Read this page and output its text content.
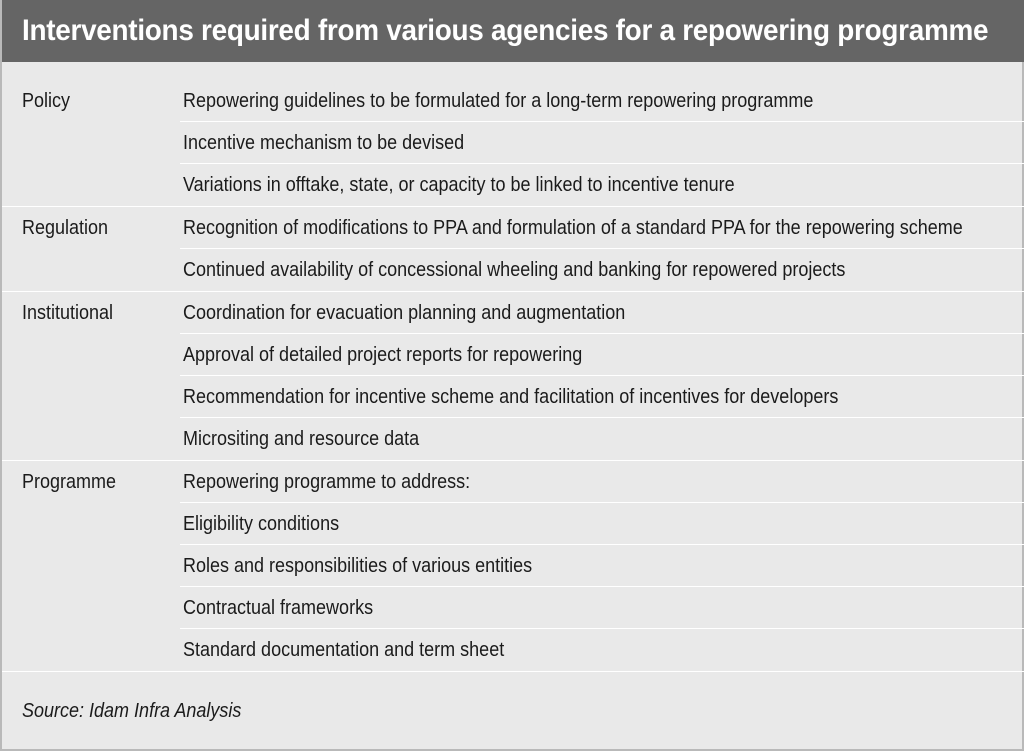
Interventions required from various agencies for a repowering programme
Policy	Repowering guidelines to be formulated for a long-term repowering programme
Incentive mechanism to be devised
Variations in offtake, state, or capacity to be linked to incentive tenure
Regulation	Recognition of modifications to PPA and formulation of a standard PPA for the repowering scheme
Continued availability of concessional wheeling and banking for repowered projects
Institutional	Coordination for evacuation planning and augmentation
Approval of detailed project reports for repowering
Recommendation for incentive scheme and facilitation of incentives for developers
Micrositing and resource data
Programme	Repowering programme to address:
Eligibility conditions
Roles and responsibilities of various entities
Contractual frameworks
Standard documentation and term sheet
Source: Idam Infra Analysis
